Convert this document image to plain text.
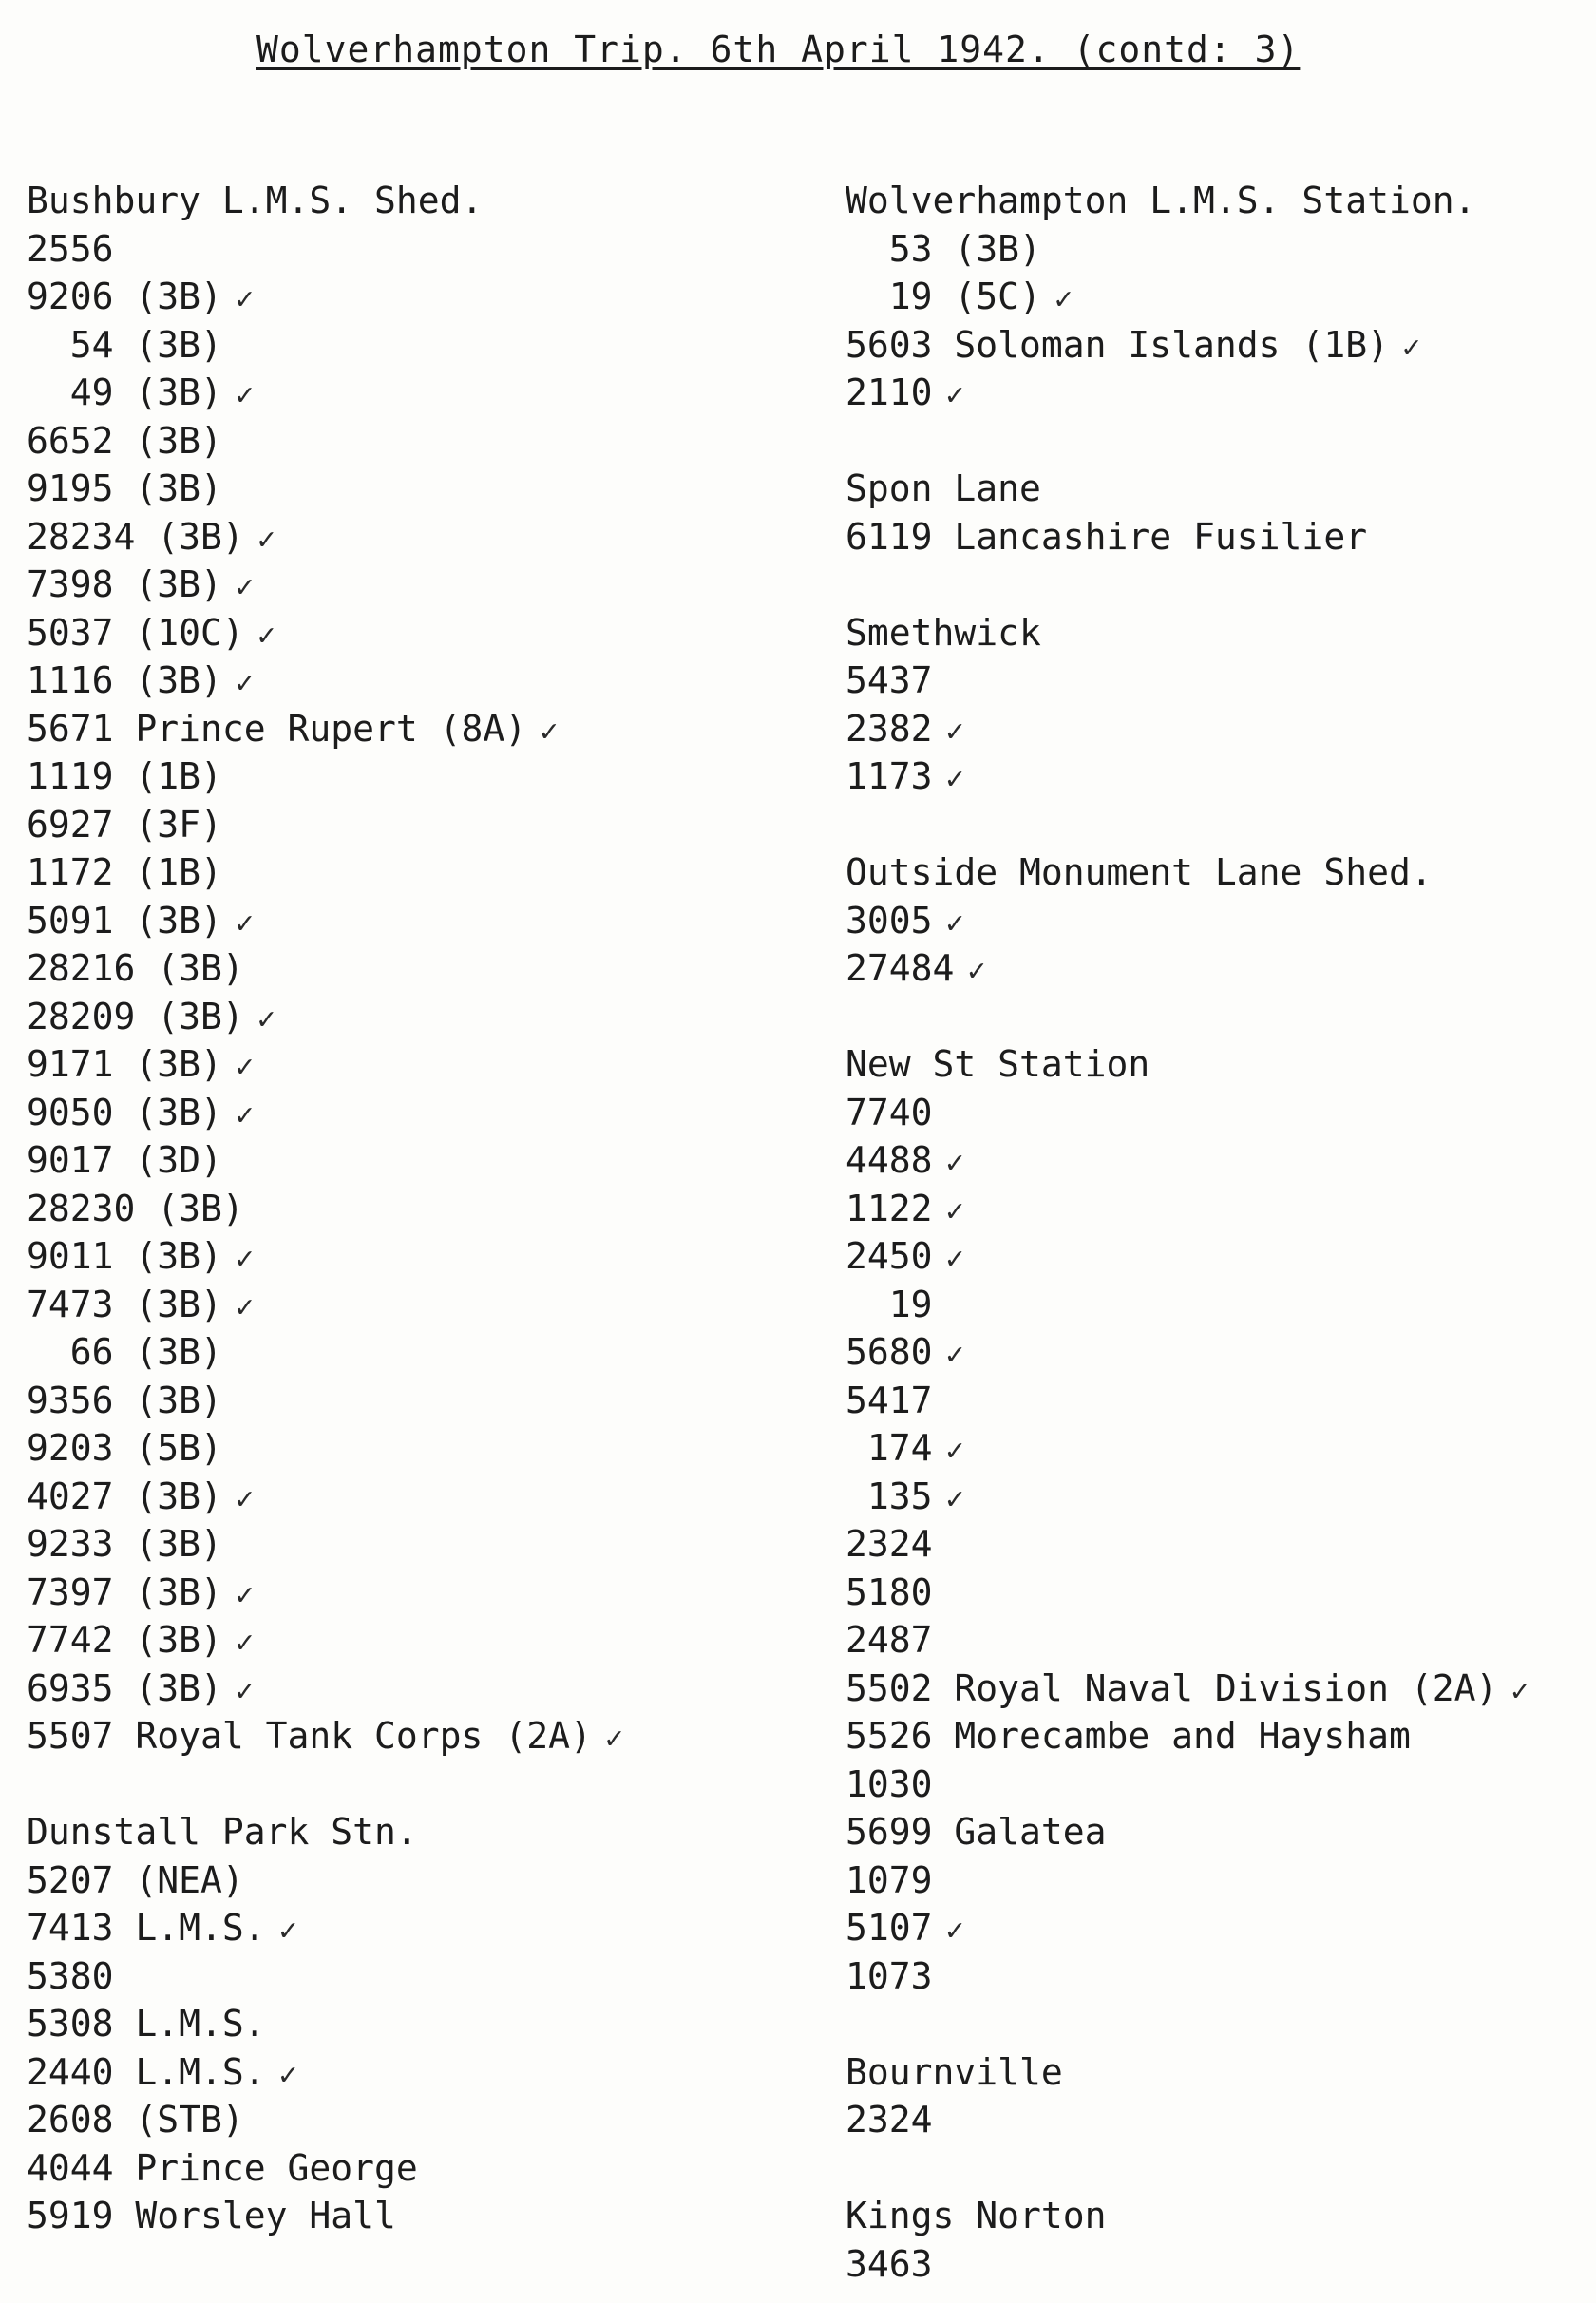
Wolverhampton Trip. 6th April 1942. (contd: 3)
Bushbury L.M.S. Shed.
2556
9206 (3B) ✓
54 (3B)
49 (3B) ✓
6652 (3B)
9195 (3B)
28234 (3B) ✓
7398 (3B) ✓
5037 (10C) ✓
1116 (3B) ✓
5671 Prince Rupert (8A) ✓
1119 (1B)
6927 (3F)
1172 (1B)
5091 (3B) ✓
28216 (3B)
28209 (3B) ✓
9171 (3B) ✓
9050 (3B) ✓
9017 (3D)
28230 (3B)
9011 (3B) ✓
7473 (3B) ✓
66 (3B)
9356 (3B)
9203 (5B)
4027 (3B) ✓
9233 (3B)
7397 (3B) ✓
7742 (3B) ✓
6935 (3B) ✓
5507 Royal Tank Corps (2A) ✓
Dunstall Park Stn.
5207 (NEA)
7413 L.M.S. ✓
5380
5308 L.M.S.
2440 L.M.S. ✓
2608 (STB)
4044 Prince George
5919 Worsley Hall
Wolverhampton L.M.S. Station.
53 (3B)
19 (5C) ✓
5603 Soloman Islands (1B) ✓
2110 ✓
Spon Lane
6119 Lancashire Fusilier
Smethwick
5437
2382 ✓
1173 ✓
Outside Monument Lane Shed.
3005 ✓
27484 ✓
New St Station
7740
4488 ✓
1122 ✓
2450 ✓
19
5680 ✓
5417
174 ✓
135 ✓
2324
5180
2487
5502 Royal Naval Division (2A) ✓
5526 Morecambe and Haysham
1030
5699 Galatea
1079
5107 ✓
1073
Bournville
2324
Kings Norton
3463
